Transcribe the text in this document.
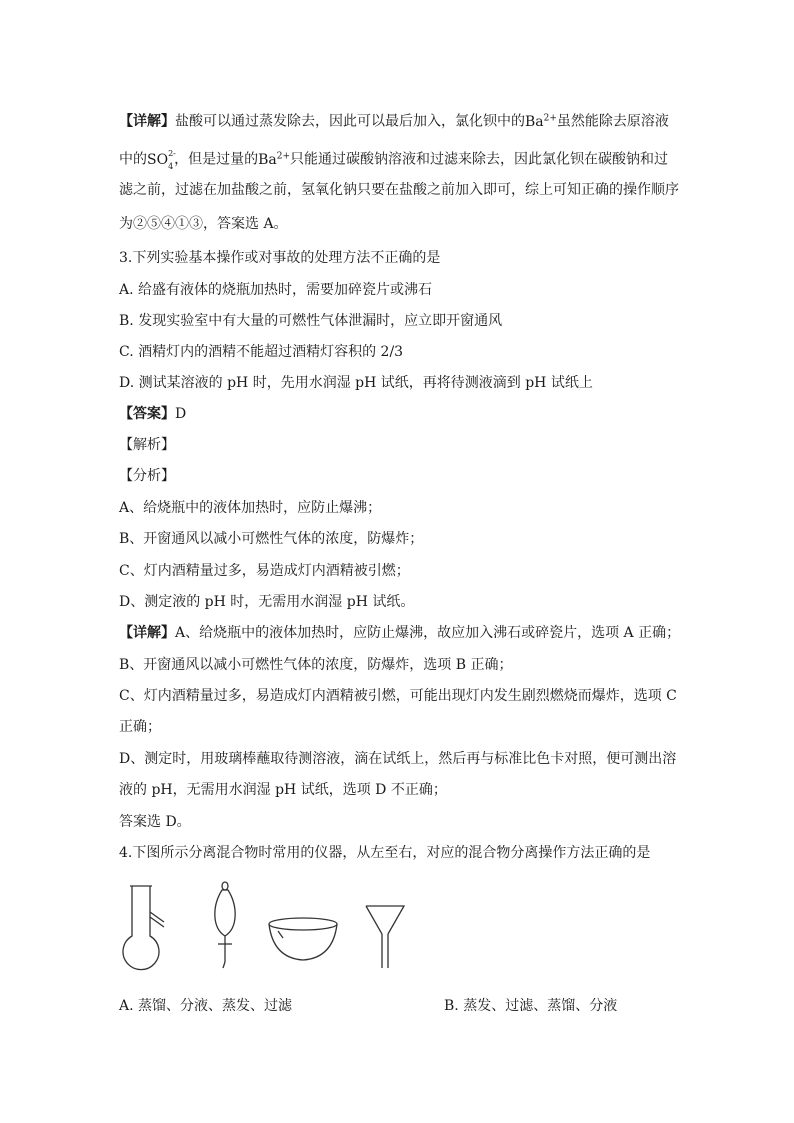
【详解】盐酸可以通过蒸发除去，因此可以最后加入，氯化钡中的$Ba^{2+}$虽然能除去原溶液
中的SO 2-
4 ，但是过量的$Ba^{2+}$只能通过碳酸钠溶液和过滤来除去，因此氯化钡在碳酸钠和过
滤之前，过滤在加盐酸之前，氢氧化钠只要在盐酸之前加入即可，综上可知正确的操作顺序
为②⑤④①③，答案选 A。
3.下列实验基本操作或对事故的处理方法不正确的是
A. 给盛有液体的烧瓶加热时，需要加碎瓷片或沸石
B. 发现实验室中有大量的可燃性气体泄漏时，应立即开窗通风
C. 酒精灯内的酒精不能超过酒精灯容积的 2/3
D. 测试某溶液的 pH 时，先用水润湿 pH 试纸，再将待测液滴到 pH 试纸上
【答案】D
【解析】
【分析】
A、给烧瓶中的液体加热时，应防止爆沸；
B、开窗通风以减小可燃性气体的浓度，防爆炸；
C、灯内酒精量过多，易造成灯内酒精被引燃；
D、测定液的 pH 时，无需用水润湿 pH 试纸。
【详解】A、给烧瓶中的液体加热时，应防止爆沸，故应加入沸石或碎瓷片，选项 A 正确；
B、开窗通风以减小可燃性气体的浓度，防爆炸，选项 B 正确；
C、灯内酒精量过多，易造成灯内酒精被引燃，可能出现灯内发生剧烈燃烧而爆炸，选项 C
正确；
D、测定时，用玻璃棒蘸取待测溶液，滴在试纸上，然后再与标准比色卡对照，便可测出溶
液的 pH，无需用水润湿 pH 试纸，选项 D 不正确；
答案选 D。
4.下图所示分离混合物时常用的仪器，从左至右，对应的混合物分离操作方法正确的是
A. 蒸馏、分液、蒸发、过滤	B. 蒸发、过滤、蒸馏、分液
